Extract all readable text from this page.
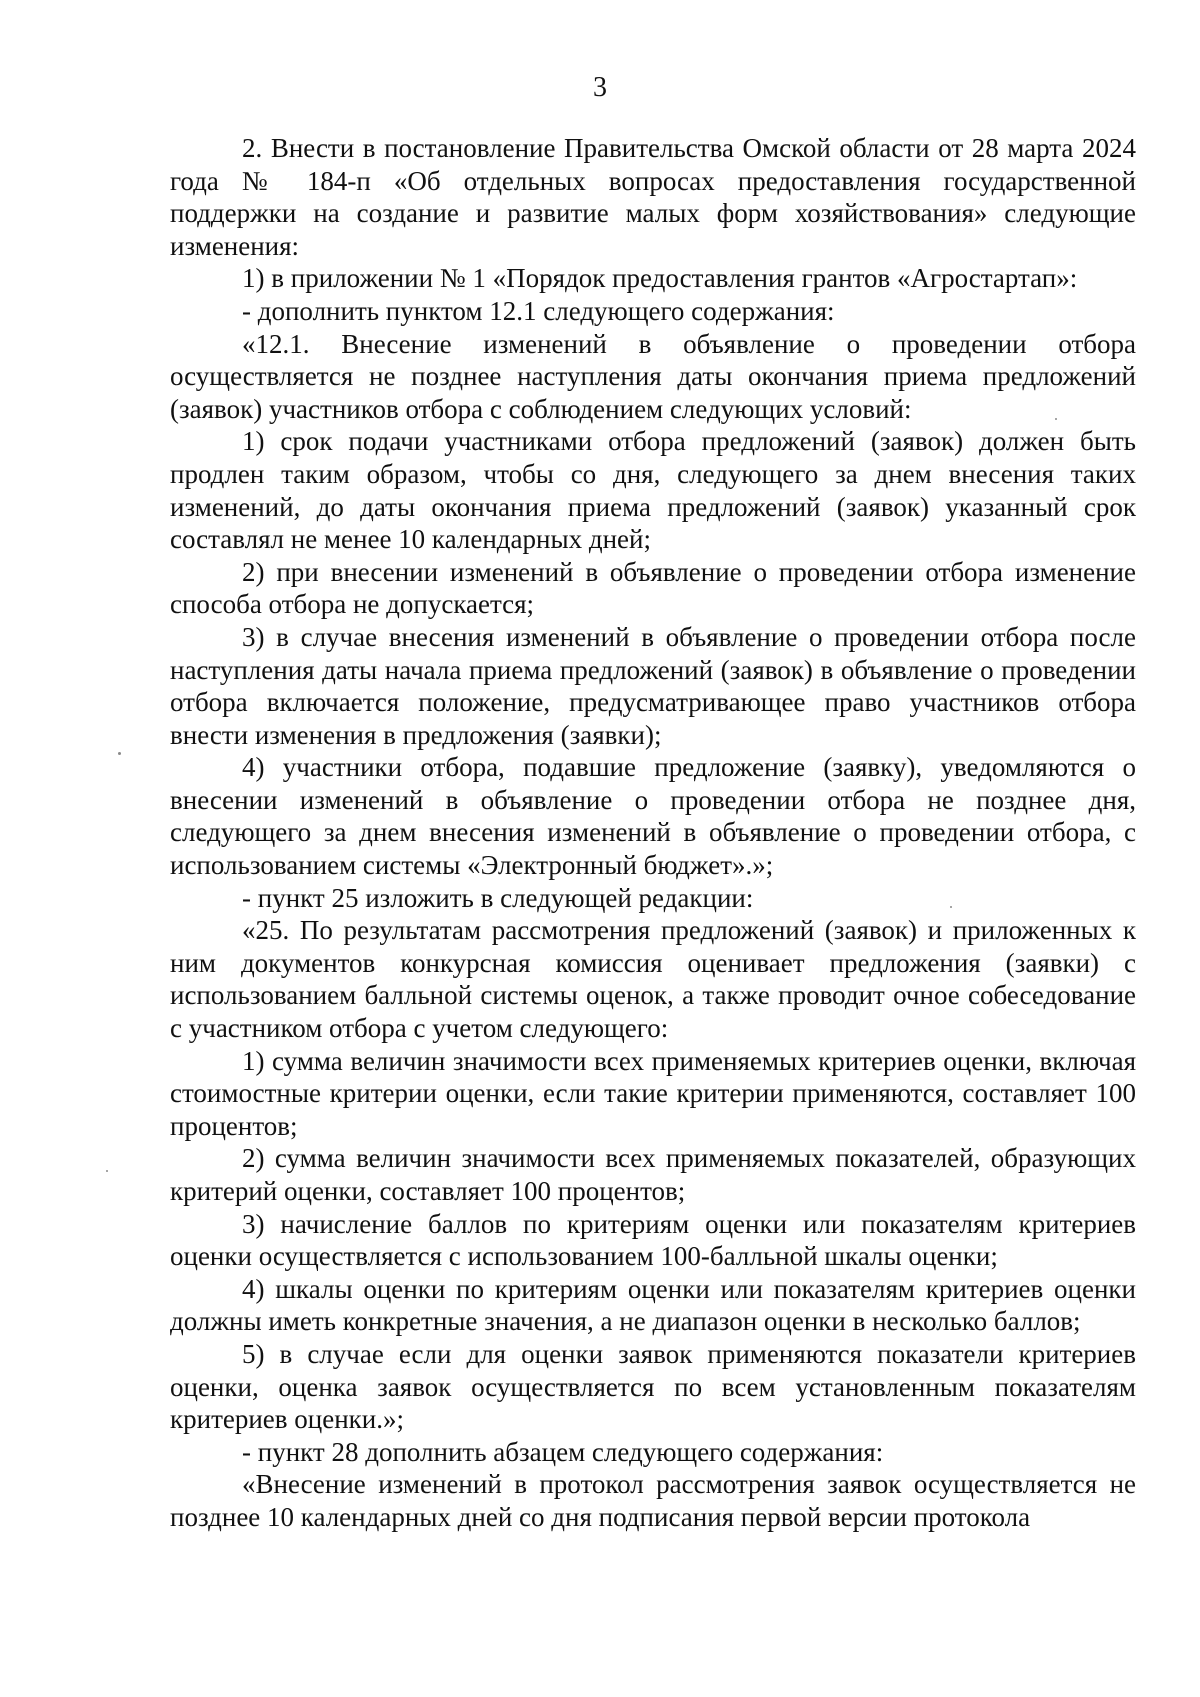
3

2. Внести в постановление Правительства Омской области от 28 марта 2024 года № 184-п «Об отдельных вопросах предоставления государственной поддержки на создание и развитие малых форм хозяйствования» следующие изменения:

1) в приложении № 1 «Порядок предоставления грантов «Агростартап»:

- дополнить пунктом 12.1 следующего содержания:

«12.1. Внесение изменений в объявление о проведении отбора осуществляется не позднее наступления даты окончания приема предложений (заявок) участников отбора с соблюдением следующих условий:

1) срок подачи участниками отбора предложений (заявок) должен быть продлен таким образом, чтобы со дня, следующего за днем внесения таких изменений, до даты окончания приема предложений (заявок) указанный срок составлял не менее 10 календарных дней;

2) при внесении изменений в объявление о проведении отбора изменение способа отбора не допускается;

3) в случае внесения изменений в объявление о проведении отбора после наступления даты начала приема предложений (заявок) в объявление о проведении отбора включается положение, предусматривающее право участников отбора внести изменения в предложения (заявки);

4) участники отбора, подавшие предложение (заявку), уведомляются о внесении изменений в объявление о проведении отбора не позднее дня, следующего за днем внесения изменений в объявление о проведении отбора, с использованием системы «Электронный бюджет».»;

- пункт 25 изложить в следующей редакции:

«25. По результатам рассмотрения предложений (заявок) и приложенных к ним документов конкурсная комиссия оценивает предложения (заявки) с использованием балльной системы оценок, а также проводит очное собеседование с участником отбора с учетом следующего:

1) сумма величин значимости всех применяемых критериев оценки, включая стоимостные критерии оценки, если такие критерии применяются, составляет 100 процентов;

2) сумма величин значимости всех применяемых показателей, образующих критерий оценки, составляет 100 процентов;

3) начисление баллов по критериям оценки или показателям критериев оценки осуществляется с использованием 100-балльной шкалы оценки;

4) шкалы оценки по критериям оценки или показателям критериев оценки должны иметь конкретные значения, а не диапазон оценки в несколько баллов;

5) в случае если для оценки заявок применяются показатели критериев оценки, оценка заявок осуществляется по всем установленным показателям критериев оценки.»;

- пункт 28 дополнить абзацем следующего содержания:

«Внесение изменений в протокол рассмотрения заявок осуществляется не позднее 10 календарных дней со дня подписания первой версии протокола
